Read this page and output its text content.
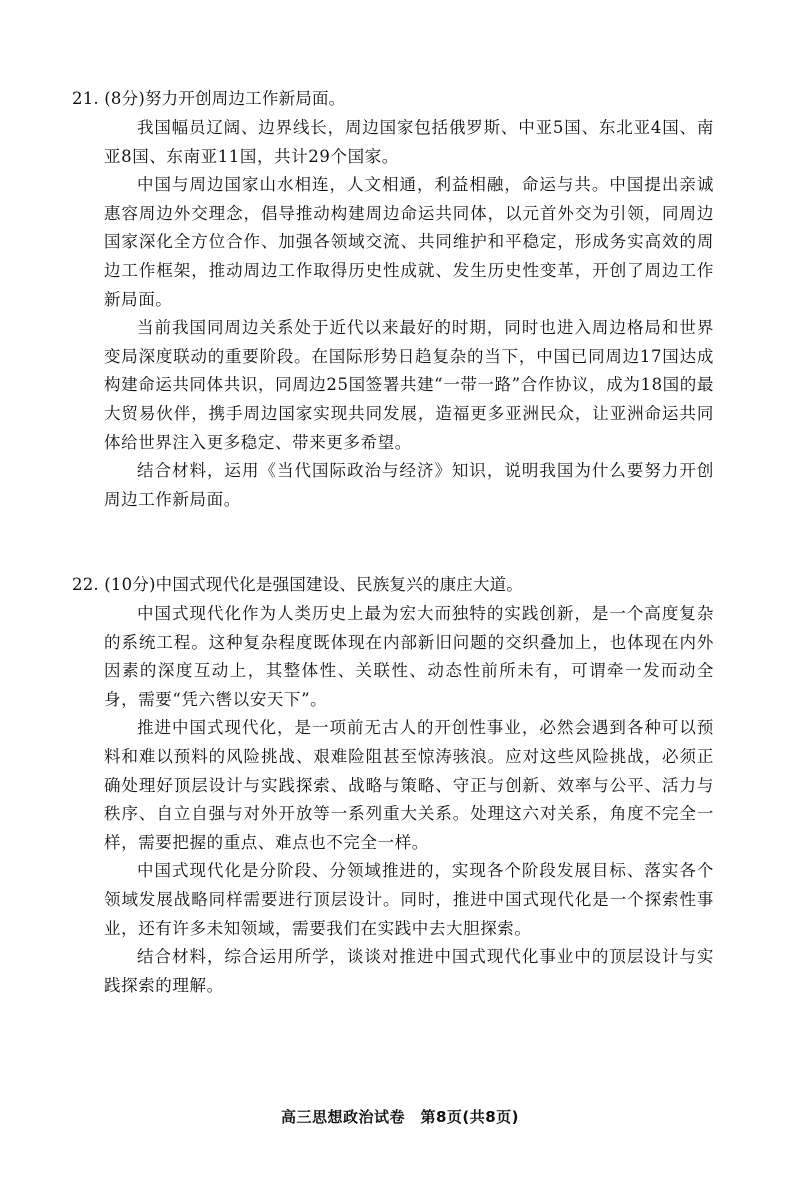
21. (8分)努力开创周边工作新局面。

我国幅员辽阔、边界线长，周边国家包括俄罗斯、中亚5国、东北亚4国、南亚8国、东南亚11国，共计29个国家。

中国与周边国家山水相连，人文相通，利益相融，命运与共。中国提出亲诚惠容周边外交理念，倡导推动构建周边命运共同体，以元首外交为引领，同周边国家深化全方位合作、加强各领域交流、共同维护和平稳定，形成务实高效的周边工作框架，推动周边工作取得历史性成就、发生历史性变革，开创了周边工作新局面。

当前我国同周边关系处于近代以来最好的时期，同时也进入周边格局和世界变局深度联动的重要阶段。在国际形势日趋复杂的当下，中国已同周边17国达成构建命运共同体共识，同周边25国签署共建“一带一路”合作协议，成为18国的最大贸易伙伴，携手周边国家实现共同发展，造福更多亚洲民众，让亚洲命运共同体给世界注入更多稳定、带来更多希望。

结合材料，运用《当代国际政治与经济》知识，说明我国为什么要努力开创周边工作新局面。

22. (10分)中国式现代化是强国建设、民族复兴的康庄大道。

中国式现代化作为人类历史上最为宏大而独特的实践创新，是一个高度复杂的系统工程。这种复杂程度既体现在内部新旧问题的交织叠加上，也体现在内外因素的深度互动上，其整体性、关联性、动态性前所未有，可谓牵一发而动全身，需要“凭六辔以安天下”。

推进中国式现代化，是一项前无古人的开创性事业，必然会遇到各种可以预料和难以预料的风险挑战、艰难险阻甚至惊涛骇浪。应对这些风险挑战，必须正确处理好顶层设计与实践探索、战略与策略、守正与创新、效率与公平、活力与秩序、自立自强与对外开放等一系列重大关系。处理这六对关系，角度不完全一样，需要把握的重点、难点也不完全一样。

中国式现代化是分阶段、分领域推进的，实现各个阶段发展目标、落实各个领域发展战略同样需要进行顶层设计。同时，推进中国式现代化是一个探索性事业，还有许多未知领域，需要我们在实践中去大胆探索。

结合材料，综合运用所学，谈谈对推进中国式现代化事业中的顶层设计与实践探索的理解。

高三思想政治试卷　第8页(共8页)
